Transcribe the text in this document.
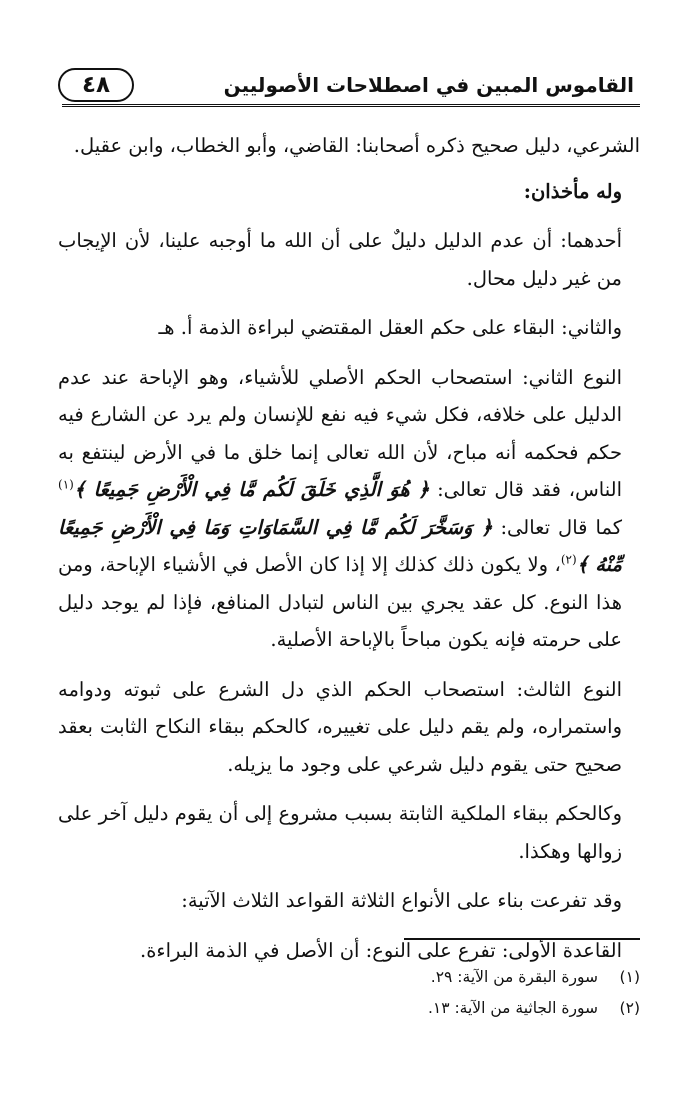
القاموس المبين في اصطلاحات الأصوليين
٤٨

الشرعي، دليل صحيح ذكره أصحابنا: القاضي، وأبو الخطاب، وابن عقيل.

وله مأخذان:

أحدهما: أن عدم الدليل دليلٌ على أن الله ما أوجبه علينا، لأن الإيجاب من غير دليل محال.

والثاني: البقاء على حكم العقل المقتضي لبراءة الذمة أ. هـ

النوع الثاني: استصحاب الحكم الأصلي للأشياء، وهو الإباحة عند عدم الدليل على خلافه، فكل شيء فيه نفع للإنسان ولم يرد عن الشارع فيه حكم فحكمه أنه مباح، لأن الله تعالى إنما خلق ما في الأرض لينتفع به الناس، فقد قال تعالى: ﴿ هُوَ الَّذِي خَلَقَ لَكُم مَّا فِي الْأَرْضِ جَمِيعًا ﴾$^{(١)}$ كما قال تعالى: ﴿ وَسَخَّرَ لَكُم مَّا فِي السَّمَاوَاتِ وَمَا فِي الْأَرْضِ جَمِيعًا مِّنْهُ ﴾$^{(٢)}$، ولا يكون ذلك كذلك إلا إذا كان الأصل في الأشياء الإباحة، ومن هذا النوع. كل عقد يجري بين الناس لتبادل المنافع، فإذا لم يوجد دليل على حرمته فإنه يكون مباحاً بالإباحة الأصلية.

النوع الثالث: استصحاب الحكم الذي دل الشرع على ثبوته ودوامه واستمراره، ولم يقم دليل على تغييره، كالحكم ببقاء النكاح الثابت بعقد صحيح حتى يقوم دليل شرعي على وجود ما يزيله.

وكالحكم ببقاء الملكية الثابتة بسبب مشروع إلى أن يقوم دليل آخر على زوالها وهكذا.

وقد تفرعت بناء على الأنواع الثلاثة القواعد الثلاث الآتية:

القاعدة الأولى: تفرع على النوع: أن الأصل في الذمة البراءة.

(١)
سورة البقرة من الآية: ٢٩.
(٢)
سورة الجاثية من الآية: ١٣.
